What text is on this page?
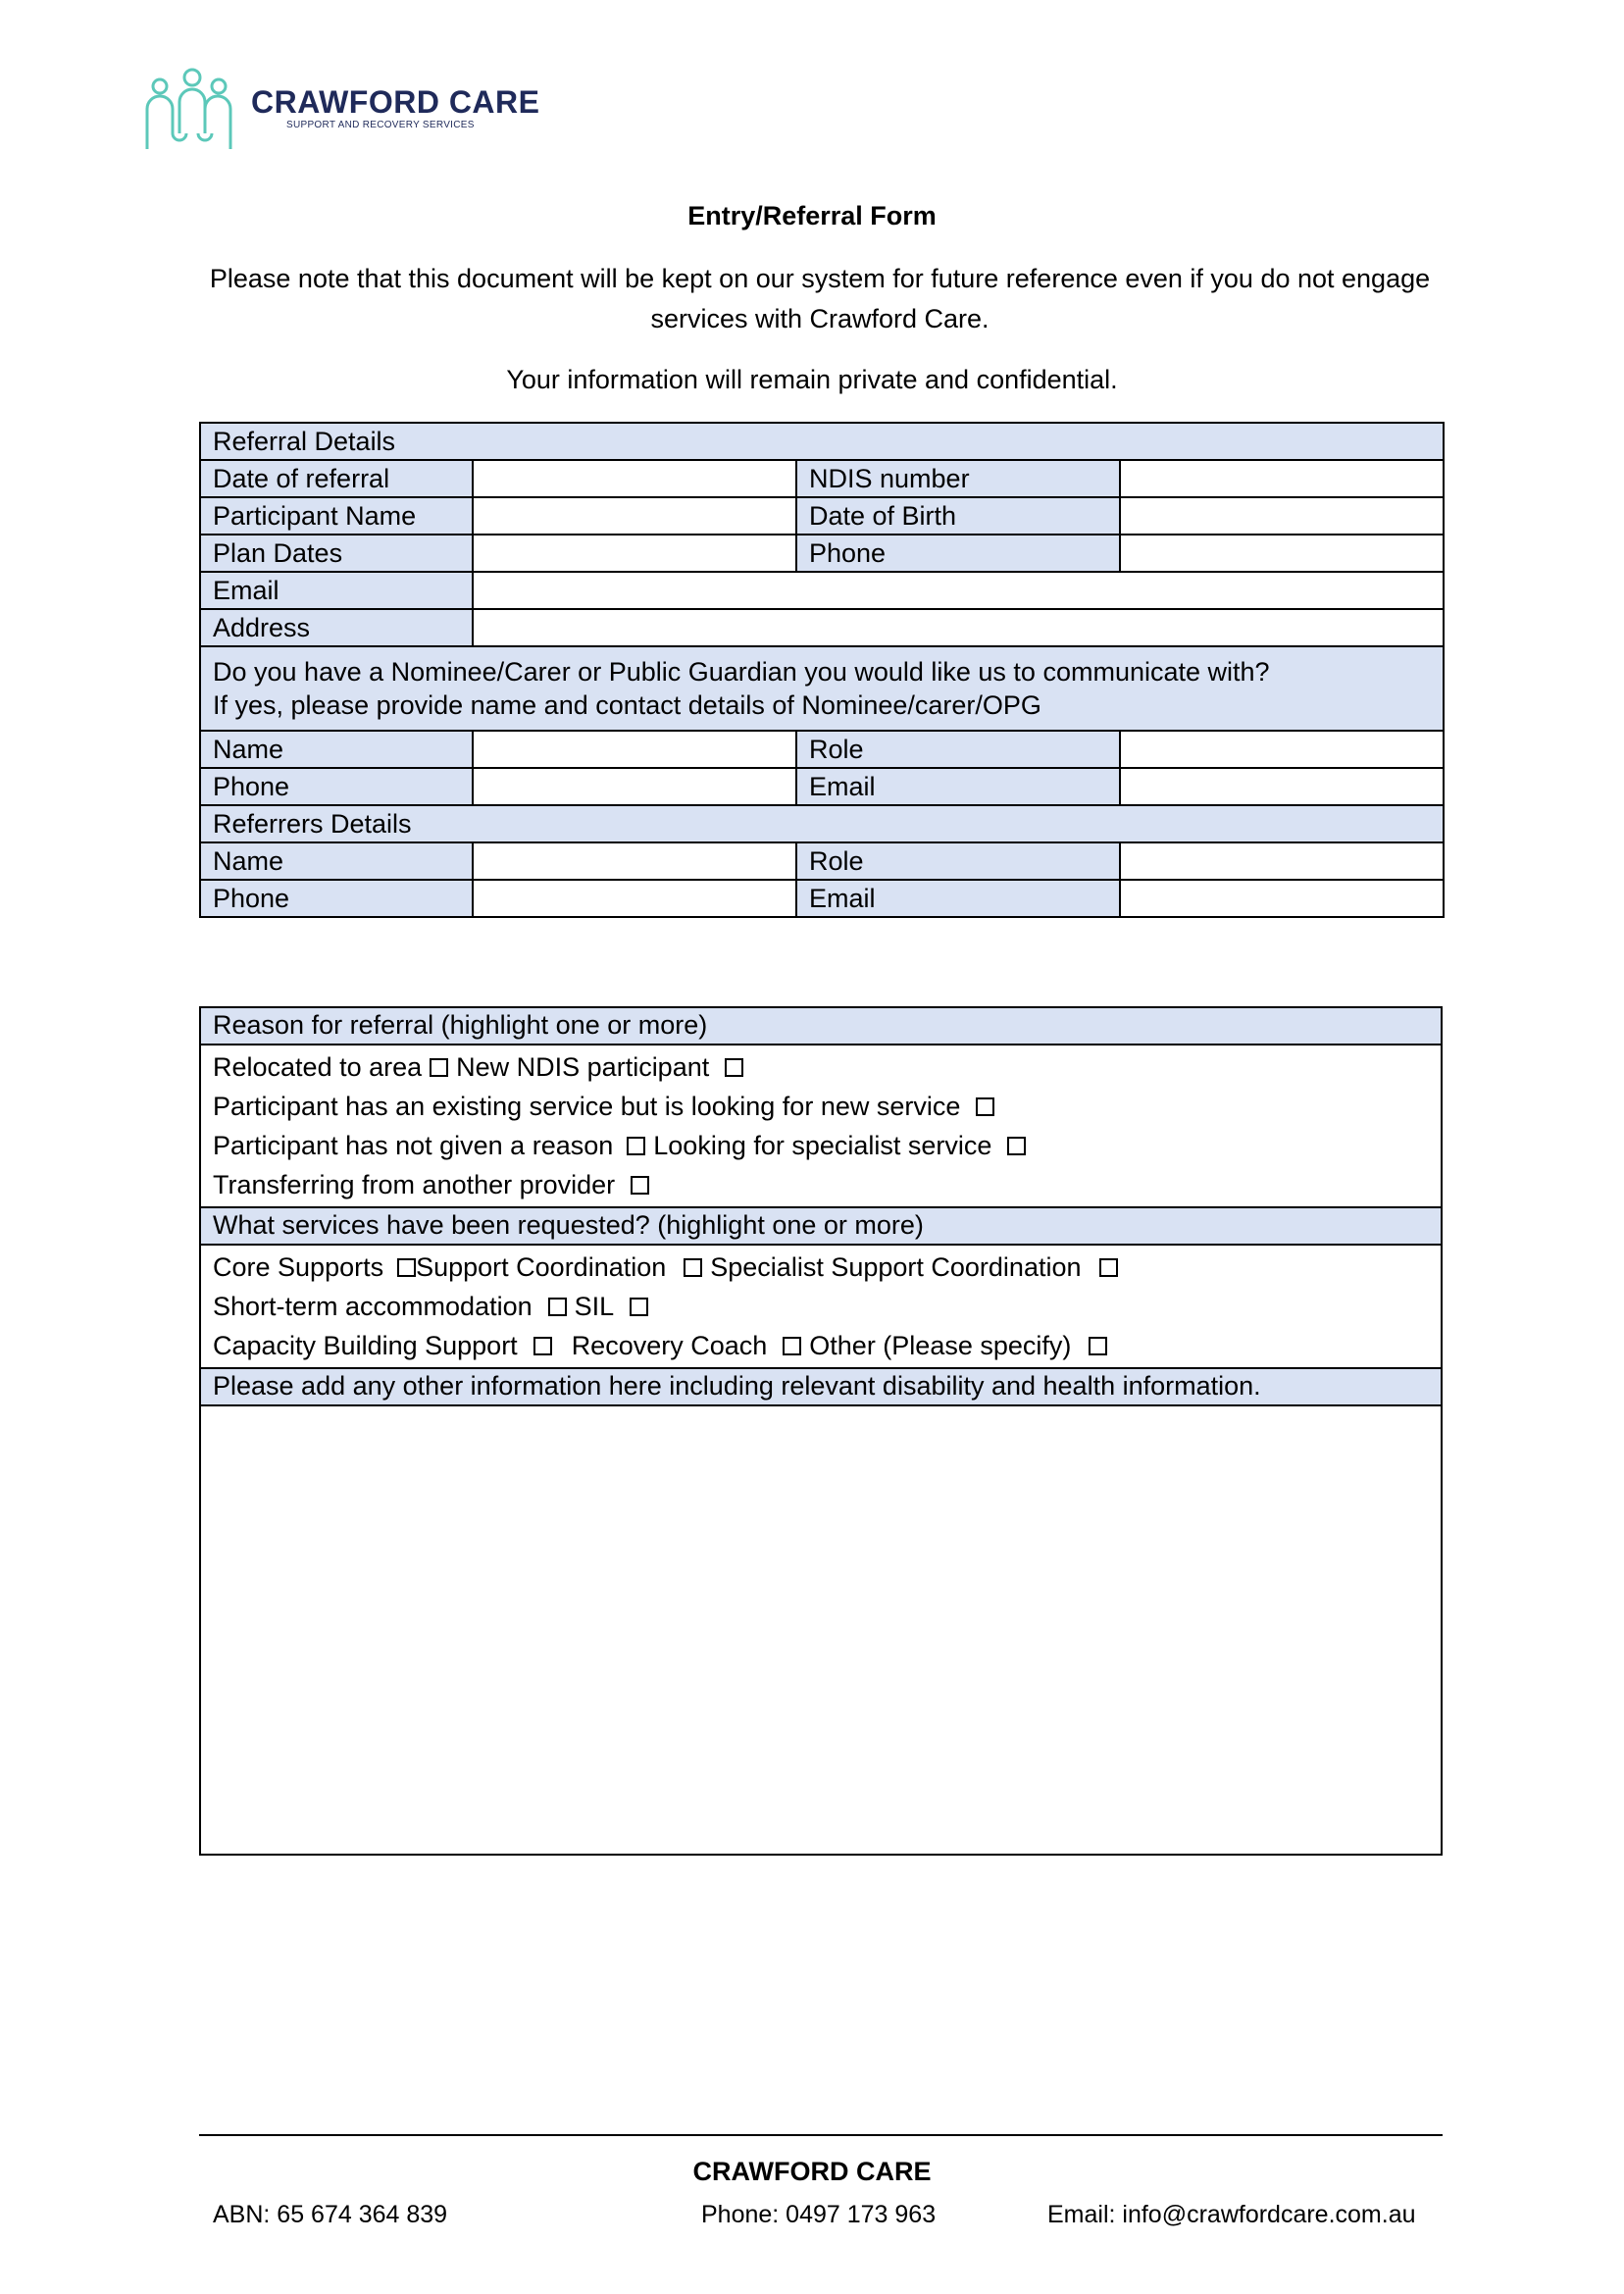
CRAWFORD CARE
SUPPORT AND RECOVERY SERVICES
Entry/Referral Form
Please note that this document will be kept on our system for future reference even if you do not engage services with Crawford Care.
Your information will remain private and confidential.
Referral Details			
Date of referral		NDIS number	
Participant Name		Date of Birth	
Plan Dates		Phone	
Email			
Address			

Do you have a Nominee/Carer or Public Guardian you would like us to communicate with?
If yes, please provide name and contact details of Nominee/carer/OPG			

Name		Role	
Phone		Email	
Referrers Details			
Name		Role	
Phone		Email	
Reason for referral (highlight one or more)

Relocated to area New NDIS participant
Participant has an existing service but is looking for new service
Participant has not given a reason Looking for specialist service
Transferring from another provider

What services have been requested? (highlight one or more)

Core Supports Support Coordination Specialist Support Coordination
Short-term accommodation SIL
Capacity Building Support Recovery Coach Other (Please specify)

Please add any other information here including relevant disability and health information.

CRAWFORD CARE
ABN: 65 674 364 839	Phone: 0497 173 963	Email: info@crawfordcare.com.au
